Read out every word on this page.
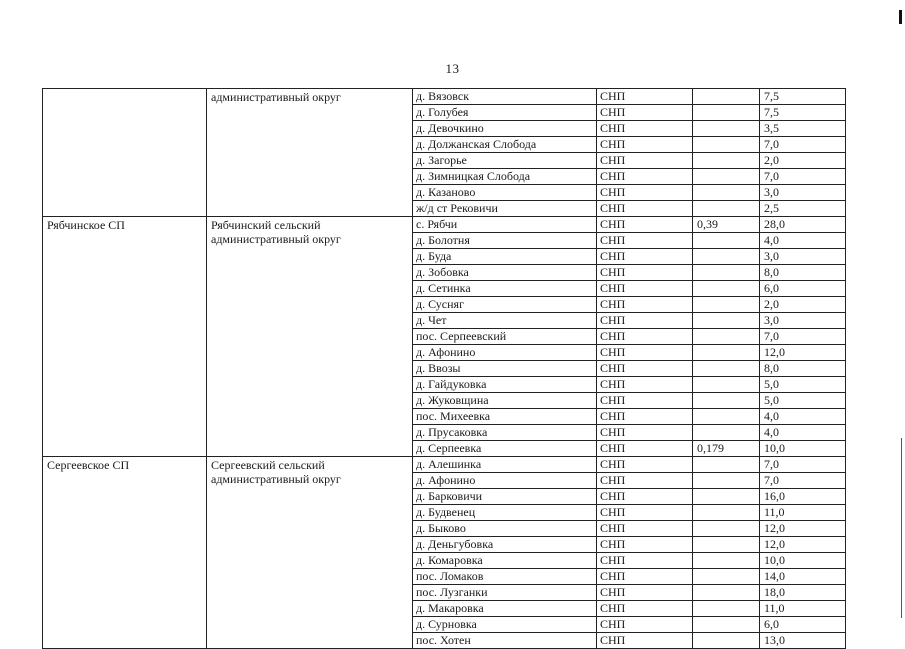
13
	административный округ	д. Вязовск	СНП		7,5
		д. Голубея	СНП		7,5
		д. Девочкино	СНП		3,5
		д. Должанская Слобода	СНП		7,0
		д. Загорье	СНП		2,0
		д. Зимницкая Слобода	СНП		7,0
		д. Казаново	СНП		3,0
		ж/д ст Рековичи	СНП		2,5
Рябчинское СП	Рябчинский сельский административный округ	с. Рябчи	СНП	0,39	28,0
		д. Болотня	СНП		4,0
		д. Буда	СНП		3,0
		д. Зобовка	СНП		8,0
		д. Сетинка	СНП		6,0
		д. Сусняг	СНП		2,0
		д. Чет	СНП		3,0
		пос. Серпеевский	СНП		7,0
		д. Афонино	СНП		12,0
		д. Ввозы	СНП		8,0
		д. Гайдуковка	СНП		5,0
		д. Жуковщина	СНП		5,0
		пос. Михеевка	СНП		4,0
		д. Прусаковка	СНП		4,0
		д. Серпеевка	СНП	0,179	10,0
Сергеевское СП	Сергеевский сельский административный округ	д. Алешинка	СНП		7,0
		д. Афонино	СНП		7,0
		д. Барковичи	СНП		16,0
		д. Будвенец	СНП		11,0
		д. Быково	СНП		12,0
		д. Деньгубовка	СНП		12,0
		д. Комаровка	СНП		10,0
		пос. Ломаков	СНП		14,0
		пос. Лузганки	СНП		18,0
		д. Макаровка	СНП		11,0
		д. Сурновка	СНП		6,0
		пос. Хотен	СНП		13,0
